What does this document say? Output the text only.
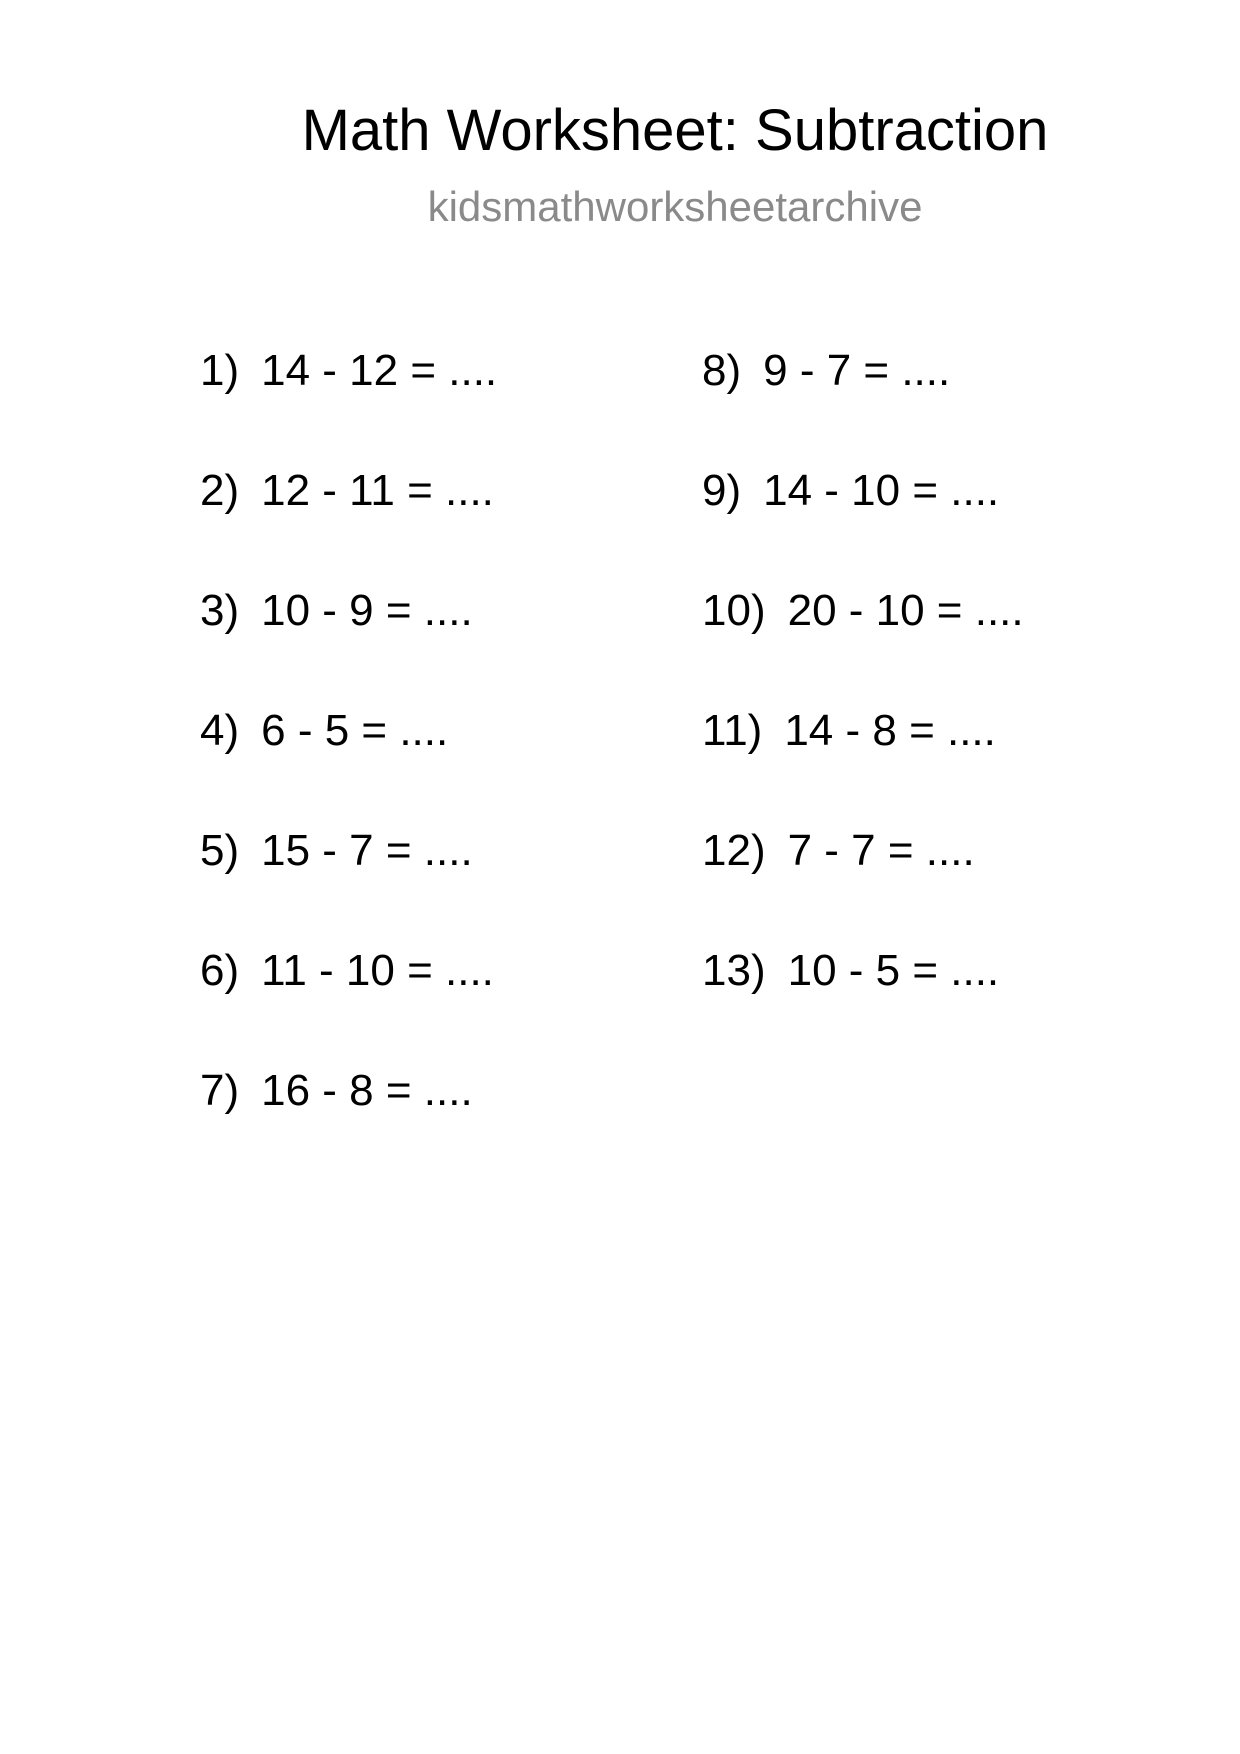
Math Worksheet: Subtraction
kidsmathworksheetarchive
1) 14 - 12 = ....
2) 12 - 11 = ....
3) 10 - 9 = ....
4) 6 - 5 = ....
5) 15 - 7 = ....
6) 11 - 10 = ....
7) 16 - 8 = ....
8) 9 - 7 = ....
9) 14 - 10 = ....
10) 20 - 10 = ....
11) 14 - 8 = ....
12) 7 - 7 = ....
13) 10 - 5 = ....
